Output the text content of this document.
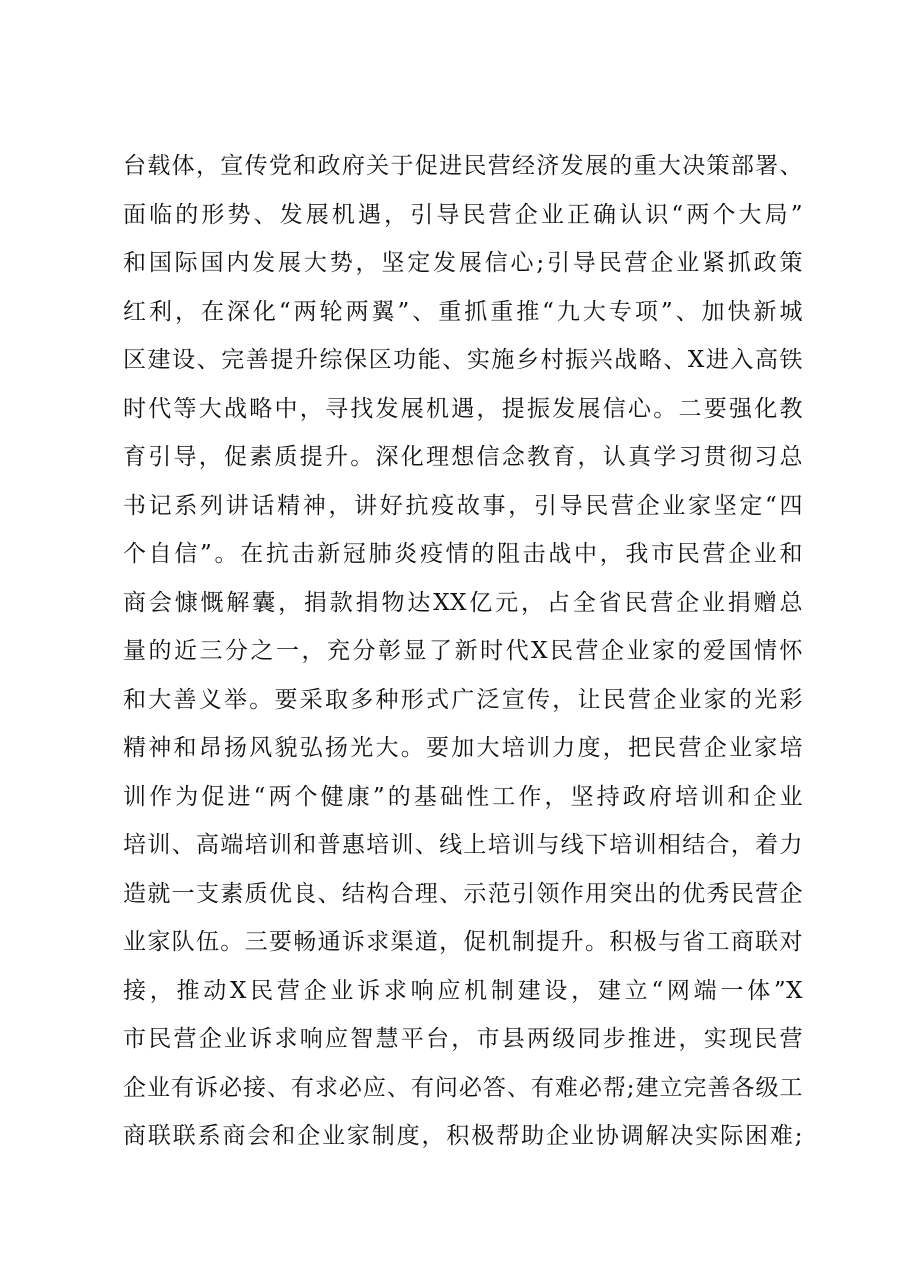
台载体，宣传党和政府关于促进民营经济发展的重大决策部署、
面临的形势、发展机遇，引导民营企业正确认识“两个大局”
和国际国内发展大势，坚定发展信心;引导民营企业紧抓政策
红利，在深化“两轮两翼”、重抓重推“九大专项”、加快新城
区建设、完善提升综保区功能、实施乡村振兴战略、X进入高铁
时代等大战略中，寻找发展机遇，提振发展信心。二要强化教
育引导，促素质提升。深化理想信念教育，认真学习贯彻习总
书记系列讲话精神，讲好抗疫故事，引导民营企业家坚定“四
个自信”。在抗击新冠肺炎疫情的阻击战中，我市民营企业和
商会慷慨解囊，捐款捐物达XX亿元，占全省民营企业捐赠总
量的近三分之一，充分彰显了新时代X民营企业家的爱国情怀
和大善义举。要采取多种形式广泛宣传，让民营企业家的光彩
精神和昂扬风貌弘扬光大。要加大培训力度，把民营企业家培
训作为促进“两个健康”的基础性工作，坚持政府培训和企业
培训、高端培训和普惠培训、线上培训与线下培训相结合，着力
造就一支素质优良、结构合理、示范引领作用突出的优秀民营企
业家队伍。三要畅通诉求渠道，促机制提升。积极与省工商联对
接，推动X民营企业诉求响应机制建设，建立“网端一体”X
市民营企业诉求响应智慧平台，市县两级同步推进，实现民营
企业有诉必接、有求必应、有问必答、有难必帮;建立完善各级工
商联联系商会和企业家制度，积极帮助企业协调解决实际困难;
